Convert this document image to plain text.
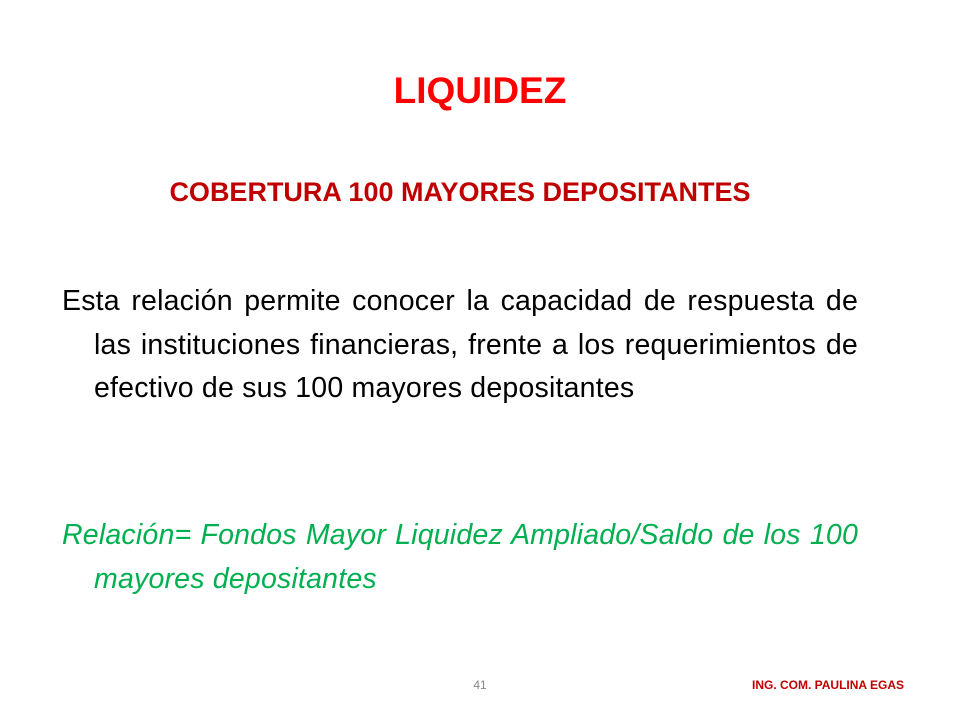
LIQUIDEZ
COBERTURA 100 MAYORES DEPOSITANTES

Esta relación permite conocer la capacidad de respuesta de las instituciones financieras, frente a los requerimientos de efectivo de sus 100 mayores depositantes

Relación= Fondos Mayor Liquidez Ampliado/Saldo de los 100 mayores depositantes

41	ING. COM. PAULINA EGAS
